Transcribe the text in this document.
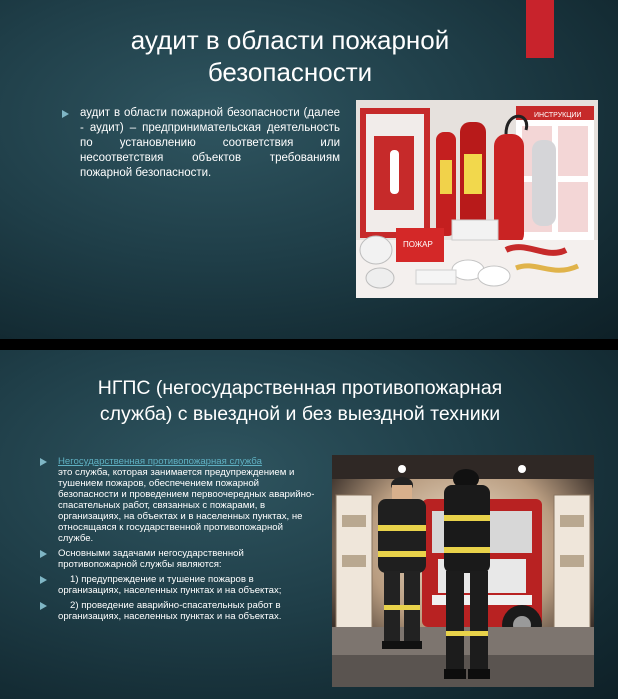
аудит в области пожарной
безопасности
аудит в области пожарной безопасности (далее - аудит) – предпринимательская деятельность по установлению соответствия или несоответствия объектов требованиям пожарной безопасности.
ИНСТРУКЦИИ
ПОЖАР
НГПС (негосударственная противопожарная
служба) с выездной и без выездной техники
Негосударственная противопожарная служба
это служба, которая занимается предупреждением и тушением пожаров, обеспечением пожарной безопасности и проведением первоочередных аварийно-спасательных работ, связанных с пожарами, в организациях, на объектах и в населенных пунктах, не относящаяся к государственной противопожарной службе.
Основными задачами негосударственной противопожарной службы являются:
1) предупреждение и тушение пожаров в организациях, населенных пунктах и на объектах;
2) проведение аварийно-спасательных работ в организациях, населенных пунктах и на объектах.
